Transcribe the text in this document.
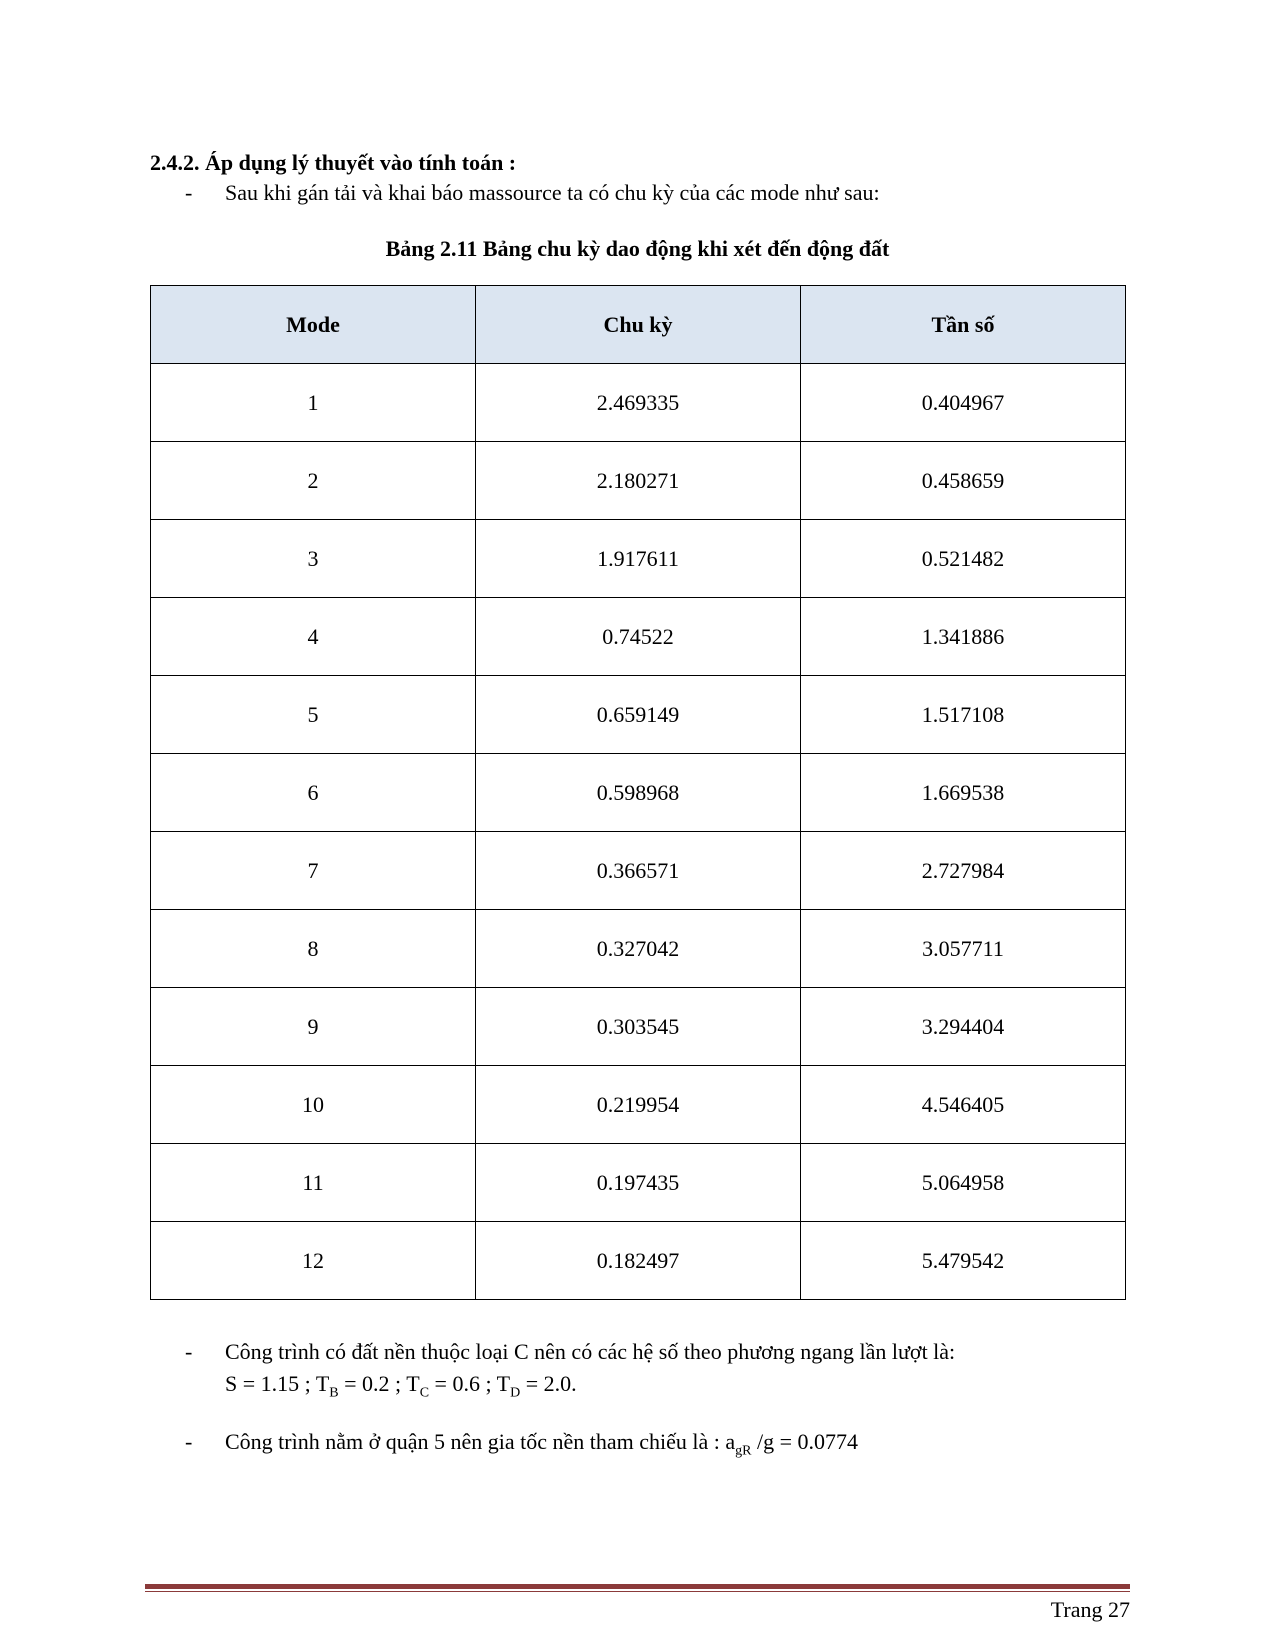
2.4.2. Áp dụng lý thuyết vào tính toán :
- Sau khi gán tải và khai báo massource ta có chu kỳ của các mode như sau:
Bảng 2.11 Bảng chu kỳ dao động khi xét đến động đất
Mode	Chu kỳ	Tần số
1	2.469335	0.404967
2	2.180271	0.458659
3	1.917611	0.521482
4	0.74522	1.341886
5	0.659149	1.517108
6	0.598968	1.669538
7	0.366571	2.727984
8	0.327042	3.057711
9	0.303545	3.294404
10	0.219954	4.546405
11	0.197435	5.064958
12	0.182497	5.479542
- Công trình có đất nền thuộc loại C nên có các hệ số theo phương ngang lần lượt là:
S = 1.15 ; $T_B = 0.2$ ; $T_C = 0.6$ ; $T_D = 2.0$.
- Công trình nằm ở quận 5 nên gia tốc nền tham chiếu là : $a_{gR}$ /g = 0.0774
Trang 27
